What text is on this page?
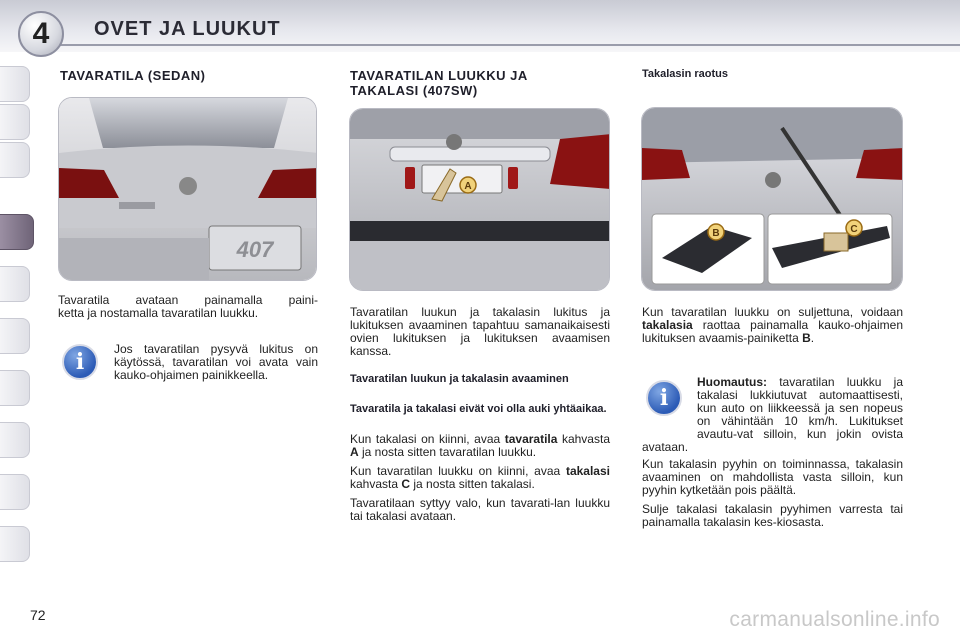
4	OVET JA LUUKUT
TAVARATILA (SEDAN)
407
Tavaratila avataan painamalla paini-
ketta ja nostamalla tavaratilan luukku.
i	Jos tavaratilan pysyvä lukitus on käytössä, tavaratilan voi avata vain kauko-ohjaimen painikkeella.
TAVARATILAN LUUKKU JA TAKALASI (407SW)
A
Tavaratilan luukun ja takalasin lukitus ja lukituksen avaaminen tapahtuu samanaikaisesti ovien lukituksen ja lukituksen avaamisen kanssa.
Tavaratilan luukun ja takalasin avaaminen
Tavaratila ja takalasi eivät voi olla auki yhtäaikaa.

Kun takalasi on kiinni, avaa tavaratila kahvasta A ja nosta sitten tavaratilan luukku.

Kun tavaratilan luukku on kiinni, avaa takalasi kahvasta C ja nosta sitten takalasi.

Tavaratilaan syttyy valo, kun tavarati-lan luukku tai takalasi avataan.

Takalasin raotus
B	C
Kun tavaratilan luukku on suljettuna, voidaan takalasia raottaa painamalla kauko-ohjaimen lukituksen avaamis-painiketta B.
i
Huomautus: tavaratilan luukku ja takalasi lukkiutuvat automaattisesti, kun auto on liikkeessä ja sen nopeus on vähintään 10 km/h. Lukitukset avautu-vat silloin, kun jokin ovista avataan.

Kun takalasin pyyhin on toiminnassa, takalasin avaaminen on mahdollista vasta silloin, kun pyyhin kytketään pois päältä.

Sulje takalasi takalasin pyyhimen varresta tai painamalla takalasin kes-kiosasta.

72	carmanualsonline.info
